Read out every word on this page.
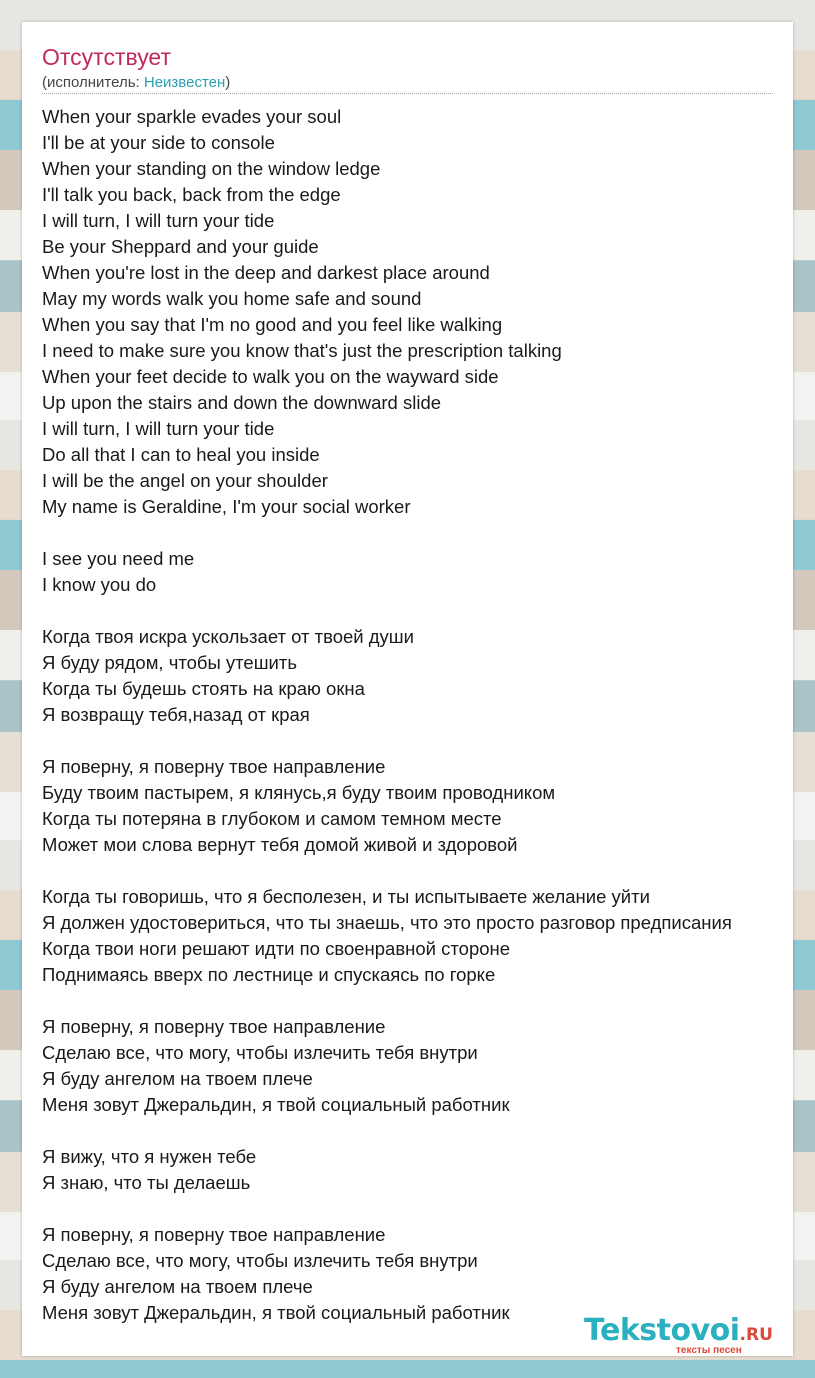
Отсутствует
(исполнитель: Неизвестен)
When your sparkle evades your soul
I'll be at your side to console
When your standing on the window ledge
I'll talk you back, back from the edge
I will turn, I will turn your tide
Be your Sheppard and your guide
When you're lost in the deep and darkest place around
May my words walk you home safe and sound
When you say that I'm no good and you feel like walking
I need to make sure you know that's just the prescription talking
When your feet decide to walk you on the wayward side
Up upon the stairs and down the downward slide
I will turn, I will turn your tide
Do all that I can to heal you inside
I will be the angel on your shoulder
My name is Geraldine, I'm your social worker
I see you need me
I know you do
Когда твоя искра ускользает от твоей души
Я буду рядом, чтобы утешить
Когда ты будешь стоять на краю окна
Я возвращу тебя,назад от края
Я поверну, я поверну твое направление
Буду твоим пастырем, я клянусь,я буду твоим проводником
Когда ты потеряна в глубоком и самом темном месте
Может мои слова вернут тебя домой живой и здоровой
Когда ты говоришь, что я бесполезен, и ты испытываете желание уйти
Я должен удостовериться, что ты знаешь, что это просто разговор предписания
Когда твои ноги решают идти по своенравной стороне
Поднимаясь вверх по лестнице и спускаясь по горке
Я поверну, я поверну твое направление
Сделаю все, что могу, чтобы излечить тебя внутри
Я буду ангелом на твоем плече
Меня зовут Джеральдин, я твой социальный работник
Я вижу, что я нужен тебе
Я знаю, что ты делаешь
Я поверну, я поверну твое направление
Сделаю все, что могу, чтобы излечить тебя внутри
Я буду ангелом на твоем плече
Меня зовут Джеральдин, я твой социальный работник
Tekstovoi.RU
тексты песен
